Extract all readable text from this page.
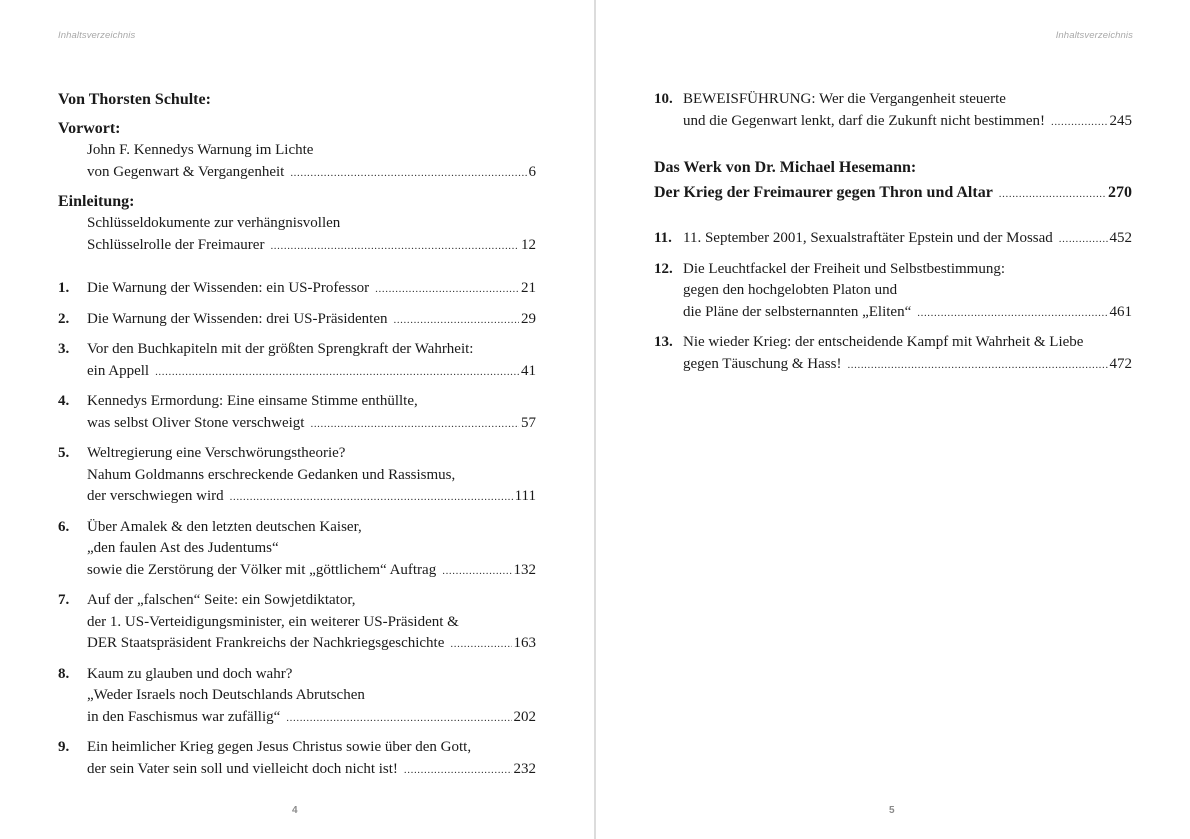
Inhaltsverzeichnis
Von Thorsten Schulte:
Vorwort:
John F. Kennedys Warnung im Lichte
von Gegenwart & Vergangenheit .....	6
Einleitung:
Schlüsseldokumente zur verhängnisvollen
Schlüsselrolle der Freimaurer .....	12
1. Die Warnung der Wissenden: ein US-Professor .....	21
2. Die Warnung der Wissenden: drei US-Präsidenten .....	29
3.	Vor den Buchkapiteln mit der größten Sprengkraft der Wahrheit:
ein Appell .....	41
4.	Kennedys Ermordung: Eine einsame Stimme enthüllte,
was selbst Oliver Stone verschweigt .....	57
5.	Weltregierung eine Verschwörungstheorie?
Nahum Goldmanns erschreckende Gedanken und Rassismus,
der verschwiegen wird .....	111
6.	Über Amalek & den letzten deutschen Kaiser,
„den faulen Ast des Judentums“
sowie die Zerstörung der Völker mit „göttlichem“ Auftrag .....	132
7.	Auf der „falschen“ Seite: ein Sowjetdiktator,
der 1. US-Verteidigungsminister, ein weiterer US-Präsident &
DER Staatspräsident Frankreichs der Nachkriegsgeschichte .....	163
8.	Kaum zu glauben und doch wahr?
„Weder Israels noch Deutschlands Abrutschen
in den Faschismus war zufällig“ .....	202
9.	Ein heimlicher Krieg gegen Jesus Christus sowie über den Gott,
der sein Vater sein soll und vielleicht doch nicht ist! .....	232
4
Inhaltsverzeichnis
10. BEWEISFÜHRUNG: Wer die Vergangenheit steuerte
und die Gegenwart lenkt, darf die Zukunft nicht bestimmen! .....	245
Das Werk von Dr. Michael Hesemann:
Der Krieg der Freimaurer gegen Thron und Altar .....	270
11. 11. September 2001, Sexualstraftäter Epstein und der Mossad .....	452
12. Die Leuchtfackel der Freiheit und Selbstbestimmung:
gegen den hochgelobten Platon und
die Pläne der selbsternannten „Eliten“ .....	461
13. Nie wieder Krieg: der entscheidende Kampf mit Wahrheit & Liebe
gegen Täuschung & Hass! .....	472
5
